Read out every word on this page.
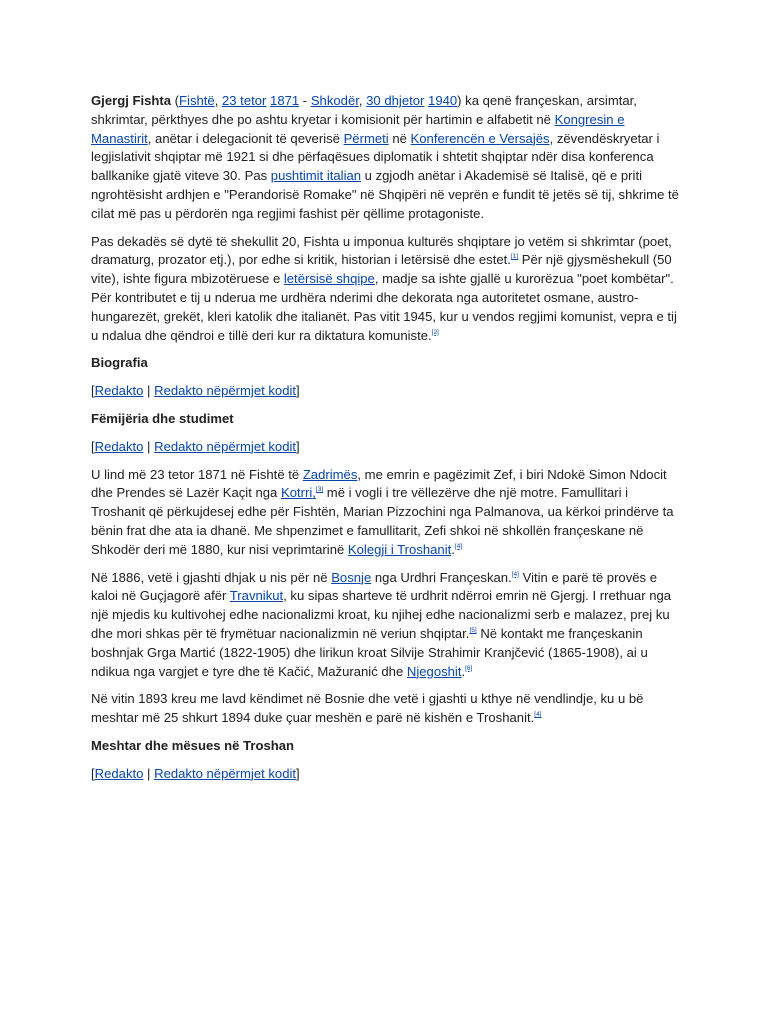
Gjergj Fishta (Fishtë, 23 tetor 1871 - Shkodër, 30 dhjetor 1940) ka qenë françeskan, arsimtar, shkrimtar, përkthyes dhe po ashtu kryetar i komisionit për hartimin e alfabetit në Kongresin e Manastirit, anëtar i delegacionit të qeverisë Përmeti në Konferencën e Versajës, zëvendëskryetar i legjislativit shqiptar më 1921 si dhe përfaqësues diplomatik i shtetit shqiptar ndër disa konferenca ballkanike gjatë viteve 30. Pas pushtimit italian u zgjodh anëtar i Akademisë së Italisë, që e priti ngrohtësisht ardhjen e "Perandorisë Romake" në Shqipëri në veprën e fundit të jetës së tij, shkrime të cilat më pas u përdorën nga regjimi fashist për qëllime protagoniste.

Pas dekadës së dytë të shekullit 20, Fishta u imponua kulturës shqiptare jo vetëm si shkrimtar (poet, dramaturg, prozator etj.), por edhe si kritik, historian i letërsisë dhe estet.[1] Për një gjysmëshekull (50 vite), ishte figura mbizotëruese e letërsisë shqipe, madje sa ishte gjallë u kurorëzua "poet kombëtar". Për kontributet e tij u nderua me urdhëra nderimi dhe dekorata nga autoritetet osmane, austro-hungarezët, grekët, kleri katolik dhe italianët. Pas vitit 1945, kur u vendos regjimi komunist, vepra e tij u ndalua dhe qëndroi e tillë deri kur ra diktatura komuniste.[2]

Biografia
[Redakto | Redakto nëpërmjet kodit]
Fëmijëria dhe studimet
[Redakto | Redakto nëpërmjet kodit]

U lind më 23 tetor 1871 në Fishtë të Zadrimës, me emrin e pagëzimit Zef, i biri Ndokë Simon Ndocit dhe Prendes së Lazër Kaçit nga Kotrri,[3] më i vogli i tre vëllezërve dhe një motre. Famullitari i Troshanit që përkujdesej edhe për Fishtën, Marian Pizzochini nga Palmanova, ua kërkoi prindërve ta bënin frat dhe ata ia dhanë. Me shpenzimet e famullitarit, Zefi shkoi në shkollën françeskane në Shkodër deri më 1880, kur nisi veprimtarinë Kolegji i Troshanit.[4]

Në 1886, vetë i gjashti dhjak u nis për në Bosnje nga Urdhri Françeskan.[4] Vitin e parë të provës e kaloi në Guçjagorë afër Travnikut, ku sipas sharteve të urdhrit ndërroi emrin në Gjergj. I rrethuar nga një mjedis ku kultivohej edhe nacionalizmi kroat, ku njihej edhe nacionalizmi serb e malazez, prej ku dhe mori shkas për të frymëtuar nacionalizmin në veriun shqiptar.[5] Në kontakt me françeskanin boshnjak Grga Martić (1822-1905) dhe lirikun kroat Silvije Strahimir Kranjčević (1865-1908), ai u ndikua nga vargjet e tyre dhe të Kačić, Mažuranić dhe Njegoshit.[6]

Në vitin 1893 kreu me lavd këndimet në Bosnie dhe vetë i gjashti u kthye në vendlindje, ku u bë meshtar më 25 shkurt 1894 duke çuar meshën e parë në kishën e Troshanit.[4]

Meshtar dhe mësues në Troshan
[Redakto | Redakto nëpërmjet kodit]
